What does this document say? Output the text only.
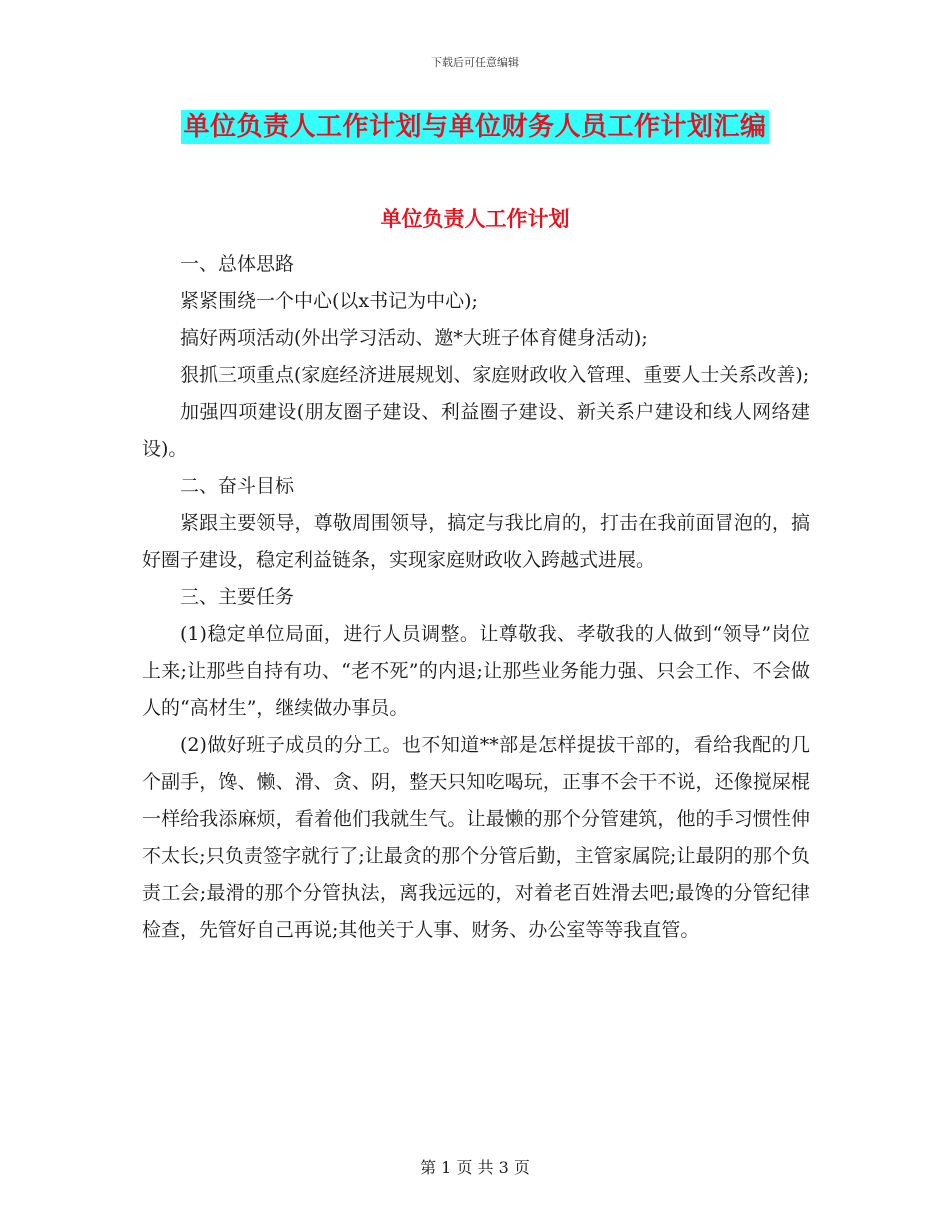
下载后可任意编辑
单位负责人工作计划与单位财务人员工作计划汇编
单位负责人工作计划

一、总体思路

紧紧围绕一个中心(以x书记为中心);

搞好两项活动(外出学习活动、邀*大班子体育健身活动);

狠抓三项重点(家庭经济进展规划、家庭财政收入管理、重要人士关系改善);

加强四项建设(朋友圈子建设、利益圈子建设、新关系户建设和线人网络建设)。

二、奋斗目标

紧跟主要领导，尊敬周围领导，搞定与我比肩的，打击在我前面冒泡的，搞好圈子建设，稳定利益链条，实现家庭财政收入跨越式进展。

三、主要任务

(1)稳定单位局面，进行人员调整。让尊敬我、孝敬我的人做到“领导”岗位上来;让那些自持有功、“老不死”的内退;让那些业务能力强、只会工作、不会做人的“高材生”，继续做办事员。

(2)做好班子成员的分工。也不知道**部是怎样提拔干部的，看给我配的几个副手，馋、懒、滑、贪、阴，整天只知吃喝玩，正事不会干不说，还像搅屎棍一样给我添麻烦，看着他们我就生气。让最懒的那个分管建筑，他的手习惯性伸不太长;只负责签字就行了;让最贪的那个分管后勤，主管家属院;让最阴的那个负责工会;最滑的那个分管执法，离我远远的，对着老百姓滑去吧;最馋的分管纪律检查，先管好自己再说;其他关于人事、财务、办公室等等我直管。

第 1 页 共 3 页
